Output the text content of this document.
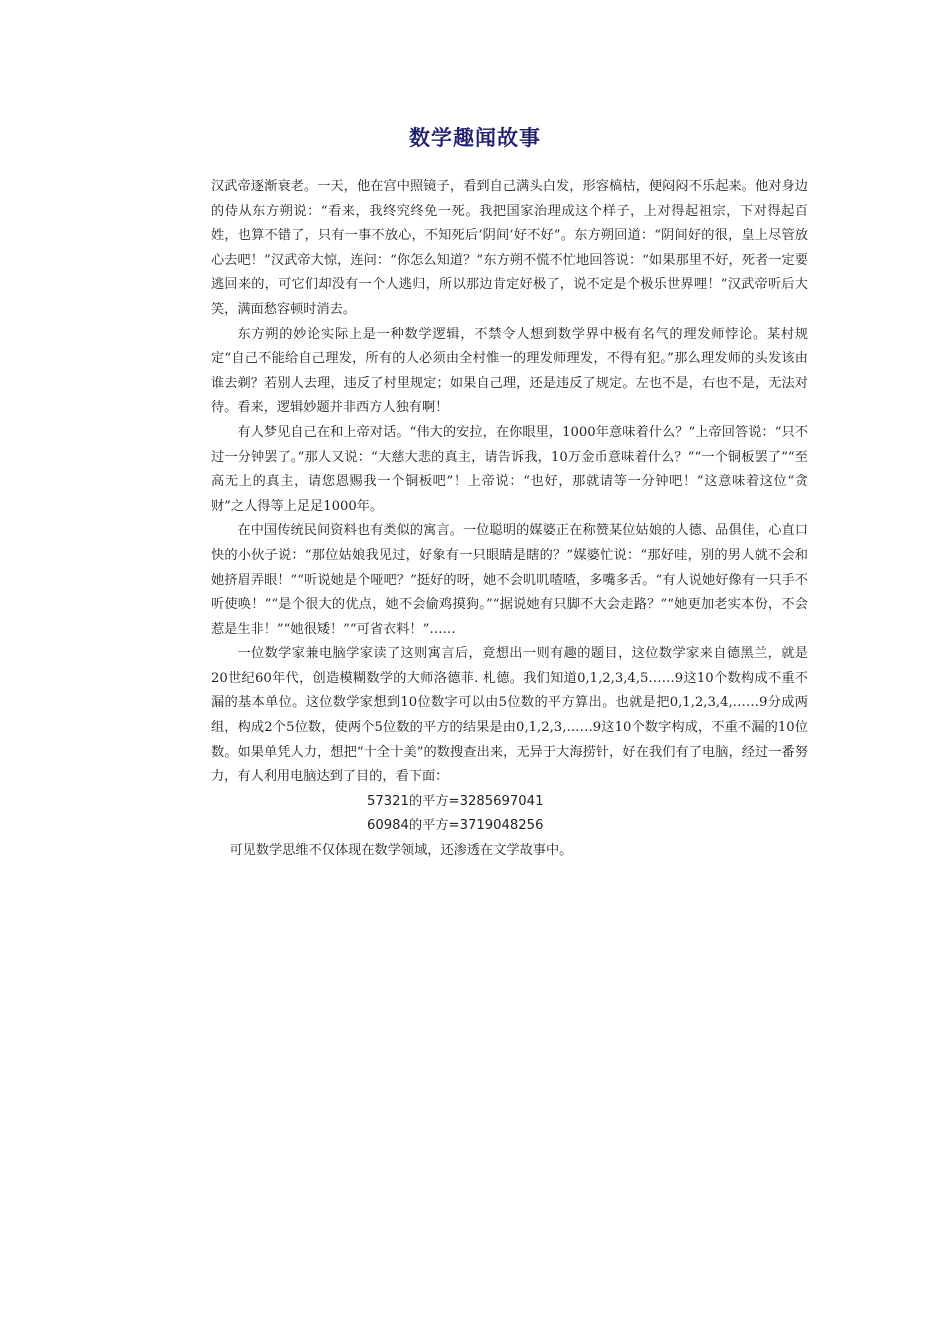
数学趣闻故事

汉武帝逐渐衰老。一天，他在宫中照镜子，看到自己满头白发，形容槁枯，便闷闷不乐起来。他对身边的侍从东方朔说：“看来，我终究终免一死。我把国家治理成这个样子，上对得起祖宗，下对得起百姓，也算不错了，只有一事不放心，不知死后‘阴间’好不好”。东方朔回道：“阴间好的很，皇上尽管放心去吧！”汉武帝大惊，连问：“你怎么知道？”东方朔不慌不忙地回答说：“如果那里不好，死者一定要逃回来的，可它们却没有一个人逃归，所以那边肯定好极了，说不定是个极乐世界哩！”汉武帝听后大笑，满面愁容顿时消去。

东方朔的妙论实际上是一种数学逻辑，不禁令人想到数学界中极有名气的理发师悖论。某村规定“自己不能给自己理发，所有的人必须由全村惟一的理发师理发，不得有犯。”那么理发师的头发该由谁去剃？若别人去理，违反了村里规定；如果自己理，还是违反了规定。左也不是，右也不是，无法对待。看来，逻辑妙题并非西方人独有啊！

有人梦见自己在和上帝对话。“伟大的安拉，在你眼里，1000年意味着什么？”上帝回答说：“只不过一分钟罢了。”那人又说：“大慈大悲的真主，请告诉我，10万金币意味着什么？”“一个铜板罢了”“至高无上的真主，请您恩赐我一个铜板吧”！上帝说：“也好，那就请等一分钟吧！”这意味着这位“贪财”之人得等上足足1000年。

在中国传统民间资料也有类似的寓言。一位聪明的媒婆正在称赞某位姑娘的人德、品俱佳，心直口快的小伙子说：“那位姑娘我见过，好象有一只眼睛是瞎的？”媒婆忙说：“那好哇，别的男人就不会和她挤眉弄眼！”“听说她是个哑吧？”挺好的呀，她不会叽叽喳喳，多嘴多舌。“有人说她好像有一只手不听使唤！”“是个很大的优点，她不会偷鸡摸狗。”“据说她有只脚不大会走路？”“她更加老实本份，不会惹是生非！”“她很矮！”“可省衣料！”……

一位数学家兼电脑学家读了这则寓言后，竟想出一则有趣的题目，这位数学家来自德黑兰，就是20世纪60年代，创造模糊数学的大师洛德菲. 札德。我们知道0,1,2,3,4,5……9这10个数构成不重不漏的基本单位。这位数学家想到10位数字可以由5位数的平方算出。也就是把0,1,2,3,4,……9分成两组，构成2个5位数，使两个5位数的平方的结果是由0,1,2,3,……9这10个数字构成，不重不漏的10位数。如果单凭人力，想把“十全十美”的数搜查出来，无异于大海捞针，好在我们有了电脑，经过一番努力，有人利用电脑达到了目的，看下面：

57321的平方=3285697041

60984的平方=3719048256

可见数学思维不仅体现在数学领域，还渗透在文学故事中。
